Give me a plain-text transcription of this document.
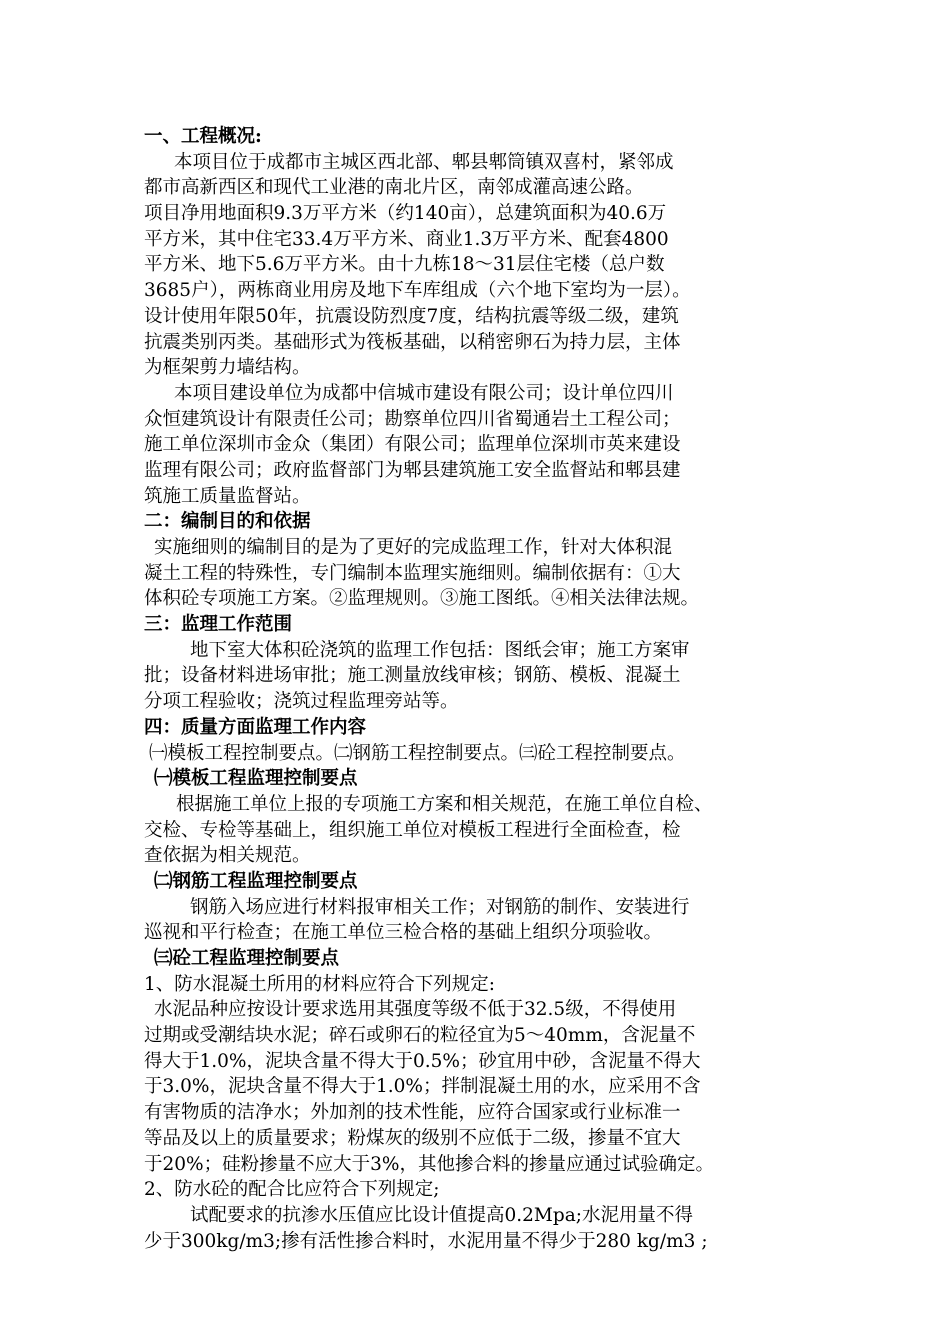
一、工程概况:
本项目位于成都市主城区西北部、郫县郫筒镇双喜村，紧邻成
都市高新西区和现代工业港的南北片区，南邻成灌高速公路。
项目净用地面积9.3万平方米（约140亩），总建筑面积为40.6万
平方米，其中住宅33.4万平方米、商业1.3万平方米、配套4800
平方米、地下5.6万平方米。由十九栋18～31层住宅楼（总户数
3685户），两栋商业用房及地下车库组成（六个地下室均为一层）。
设计使用年限50年，抗震设防烈度7度，结构抗震等级二级，建筑
抗震类别丙类。基础形式为筏板基础，以稍密卵石为持力层，主体
为框架剪力墙结构。
本项目建设单位为成都中信城市建设有限公司；设计单位四川
众恒建筑设计有限责任公司；勘察单位四川省蜀通岩土工程公司；
施工单位深圳市金众（集团）有限公司；监理单位深圳市英来建设
监理有限公司；政府监督部门为郫县建筑施工安全监督站和郫县建
筑施工质量监督站。
二：编制目的和依据
实施细则的编制目的是为了更好的完成监理工作，针对大体积混
凝土工程的特殊性，专门编制本监理实施细则。编制依据有：①大
体积砼专项施工方案。②监理规则。③施工图纸。④相关法律法规。
三：监理工作范围
地下室大体积砼浇筑的监理工作包括：图纸会审；施工方案审
批；设备材料进场审批；施工测量放线审核；钢筋、模板、混凝土
分项工程验收；浇筑过程监理旁站等。
四：质量方面监理工作内容
㈠模板工程控制要点。㈡钢筋工程控制要点。㈢砼工程控制要点。
㈠模板工程监理控制要点
根据施工单位上报的专项施工方案和相关规范，在施工单位自检、
交检、专检等基础上，组织施工单位对模板工程进行全面检查，检
查依据为相关规范。
㈡钢筋工程监理控制要点
钢筋入场应进行材料报审相关工作；对钢筋的制作、安装进行
巡视和平行检查；在施工单位三检合格的基础上组织分项验收。
㈢砼工程监理控制要点
1、防水混凝土所用的材料应符合下列规定:
水泥品种应按设计要求选用其强度等级不低于32.5级，不得使用
过期或受潮结块水泥；碎石或卵石的粒径宜为5～40mm，含泥量不
得大于1.0%，泥块含量不得大于0.5%；砂宜用中砂，含泥量不得大
于3.0%，泥块含量不得大于1.0%；拌制混凝土用的水，应采用不含
有害物质的洁净水；外加剂的技术性能，应符合国家或行业标准一
等品及以上的质量要求；粉煤灰的级别不应低于二级，掺量不宜大
于20%；硅粉掺量不应大于3%，其他掺合料的掺量应通过试验确定。
2、防水砼的配合比应符合下列规定;
试配要求的抗渗水压值应比设计值提高0.2Mpa;水泥用量不得
少于300kg/m3;掺有活性掺合料时，水泥用量不得少于280 kg/m3 ;
